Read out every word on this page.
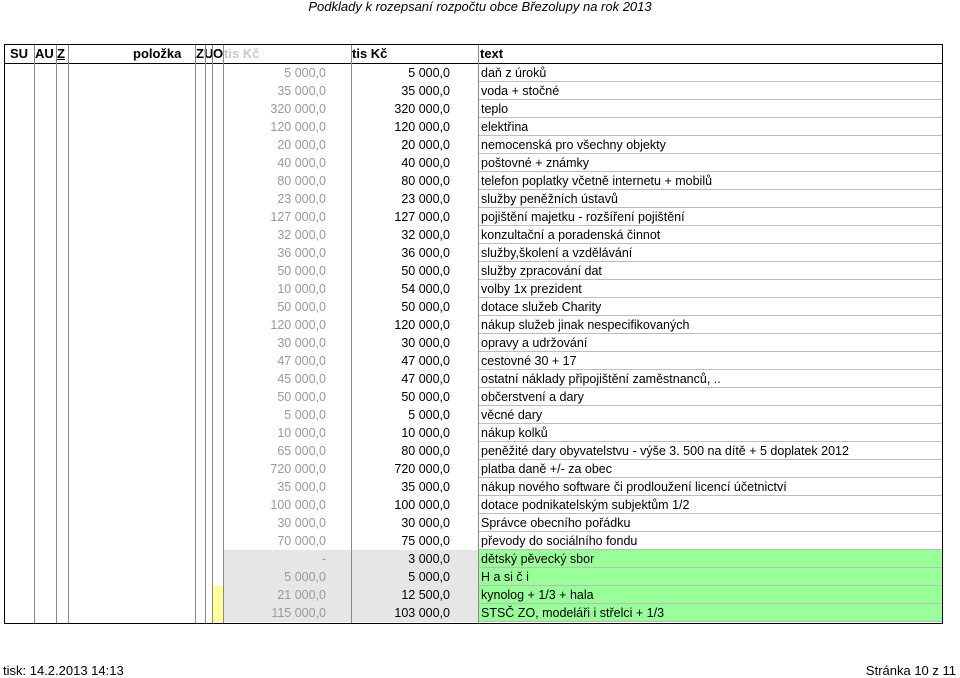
Podklady k rozepsaní rozpočtu obce Březolupy na rok 2013
SU AU Z	položka	ZU O tis Kč	tis Kč	text
5 000,0	5 000,0 daň z úroků
35 000,0	35 000,0 voda + stočné
320 000,0	320 000,0 teplo
120 000,0	120 000,0 elektřina
20 000,0	20 000,0 nemocenská pro všechny objekty
40 000,0	40 000,0 poštovné + známky
80 000,0	80 000,0 telefon poplatky včetně internetu + mobilů
23 000,0	23 000,0 služby peněžních ústavů
127 000,0	127 000,0 pojištění majetku - rozšíření pojištění
32 000,0	32 000,0 konzultační a poradenská činnot
36 000,0	36 000,0 služby,školení a vzdělávání
50 000,0	50 000,0 služby zpracování dat
10 000,0	54 000,0 volby 1x prezident
50 000,0	50 000,0 dotace služeb Charity
120 000,0	120 000,0 nákup služeb jinak nespecifikovaných
30 000,0	30 000,0 opravy a udržování
47 000,0	47 000,0 cestovné 30 + 17
45 000,0	47 000,0 ostatní náklady připojištění zaměstnanců, ..
50 000,0	50 000,0 občerstvení a dary
5 000,0	5 000,0 věcné dary
10 000,0	10 000,0 nákup kolků
65 000,0	80 000,0 peněžité dary obyvatelstvu - výše 3. 500 na dítě + 5 doplatek 2012
720 000,0	720 000,0 platba daně +/- za obec
35 000,0	35 000,0 nákup nového software či prodloužení licencí účetnictví
100 000,0	100 000,0 dotace podnikatelským subjektům 1/2
30 000,0	30 000,0 Správce obecního pořádku
70 000,0	75 000,0 převody do sociálního fondu
-	3 000,0 dětský pěvecký sbor
5 000,0	5 000,0 H a si č i
21 000,0	12 500,0 kynolog + 1/3 + hala
115 000,0	103 000,0 STSČ ZO, modeláři i střelci + 1/3
tisk: 14.2.2013 14:13	Stránka 10 z 11
